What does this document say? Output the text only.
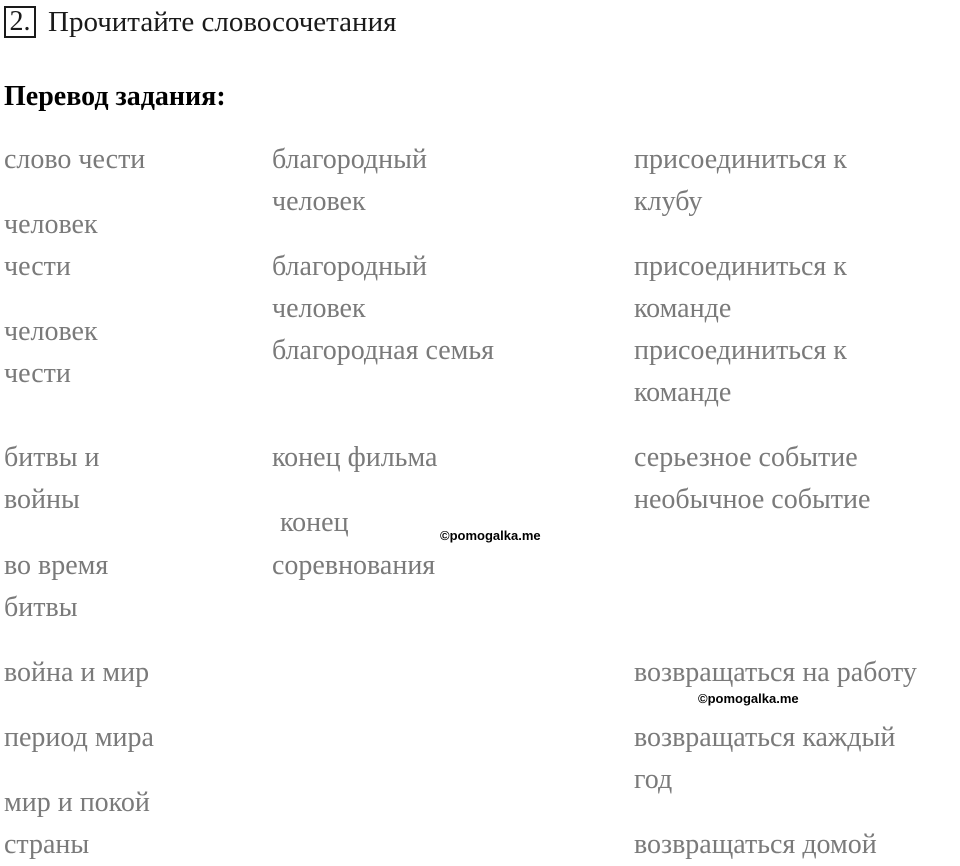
2. Прочитайте словосочетания
Перевод задания:
слово чести
человек
чести
человек
чести
битвы и
войны
во время
битвы
война и мир
период мира
мир и покой
страны
благородный
человек
благородный
человек
благородная семья
конец фильма
конец
соревнования
присоединиться к
клубу
присоединиться к
команде
присоединиться к
команде
серьезное событие
необычное событие
возвращаться на работу
возвращаться каждый
год
возвращаться домой
©pomogalka.me
©pomogalka.me
